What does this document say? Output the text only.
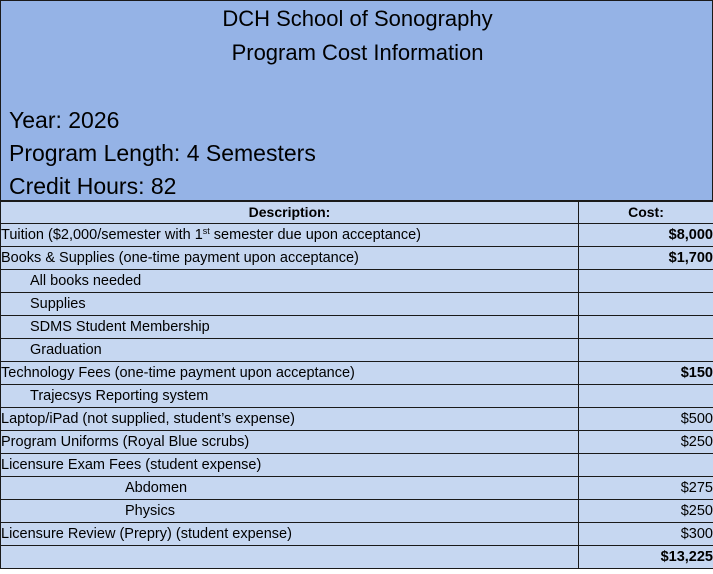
DCH School of Sonography
Program Cost Information
Year: 2026
Program Length: 4 Semesters
Credit Hours: 82
Description:	Cost:
Tuition ($2,000/semester with 1st semester due upon acceptance)	$8,000
Books & Supplies (one-time payment upon acceptance)	$1,700
All books needed	
Supplies	
SDMS Student Membership	
Graduation	
Technology Fees (one-time payment upon acceptance)	$150
Trajecsys Reporting system	
Laptop/iPad (not supplied, student’s expense)	$500
Program Uniforms (Royal Blue scrubs)	$250
Licensure Exam Fees (student expense)	
Abdomen	$275
Physics	$250
Licensure Review (Prepry) (student expense)	$300
	$13,225
